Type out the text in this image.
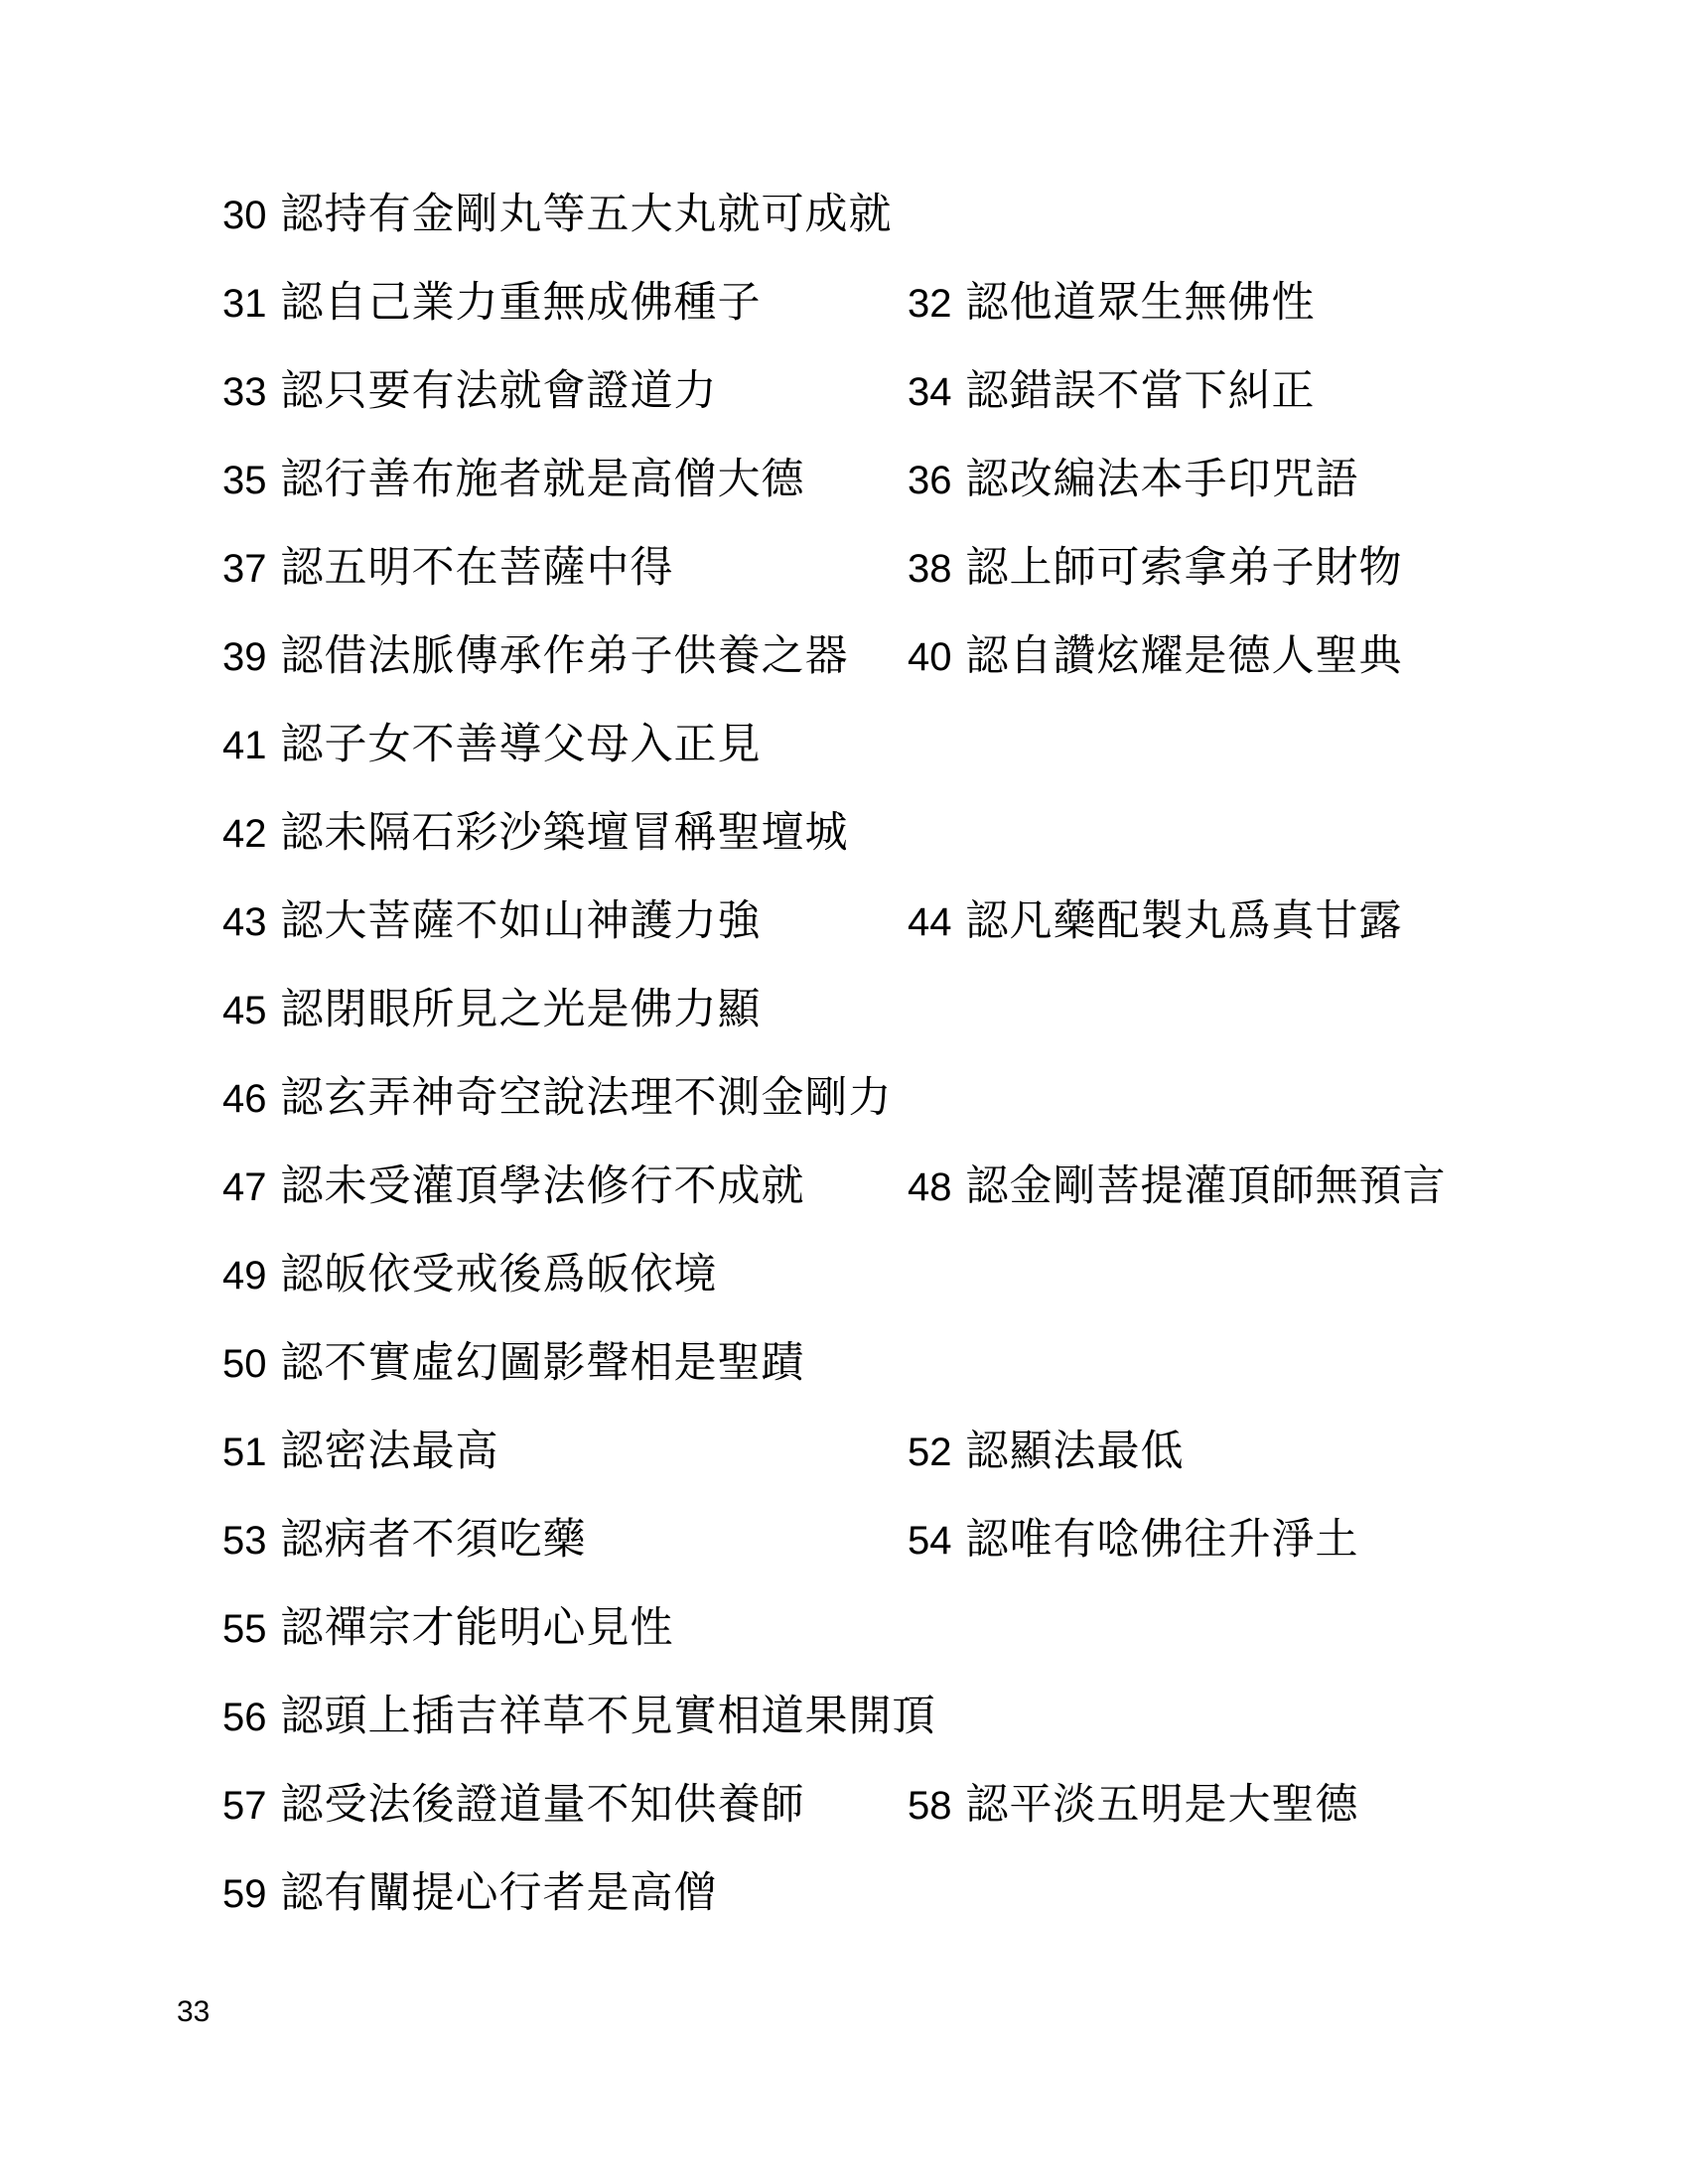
30 認持有金剛丸等五大丸就可成就
31 認自己業力重無成佛種子	32 認他道眾生無佛性
33 認只要有法就會證道力	34 認錯誤不當下糾正
35 認行善布施者就是高僧大德	36 認改編法本手印咒語
37 認五明不在菩薩中得	38 認上師可索拿弟子財物
39 認借法脈傳承作弟子供養之器 40 認自讚炫耀是德人聖典
41 認子女不善導父母入正見
42 認未隔石彩沙築壇冒稱聖壇城
43 認大菩薩不如山神護力強	44 認凡藥配製丸爲真甘露
45 認閉眼所見之光是佛力顯
46 認玄弄神奇空說法理不測金剛力
47 認未受灌頂學法修行不成就	48 認金剛菩提灌頂師無預言
49 認皈依受戒後爲皈依境
50 認不實虛幻圖影聲相是聖蹟
51 認密法最高	52 認顯法最低
53 認病者不須吃藥	54 認唯有唸佛往升淨土
55 認禪宗才能明心見性
56 認頭上插吉祥草不見實相道果開頂
57 認受法後證道量不知供養師	58 認平淡五明是大聖德
59 認有闡提心行者是高僧
33
